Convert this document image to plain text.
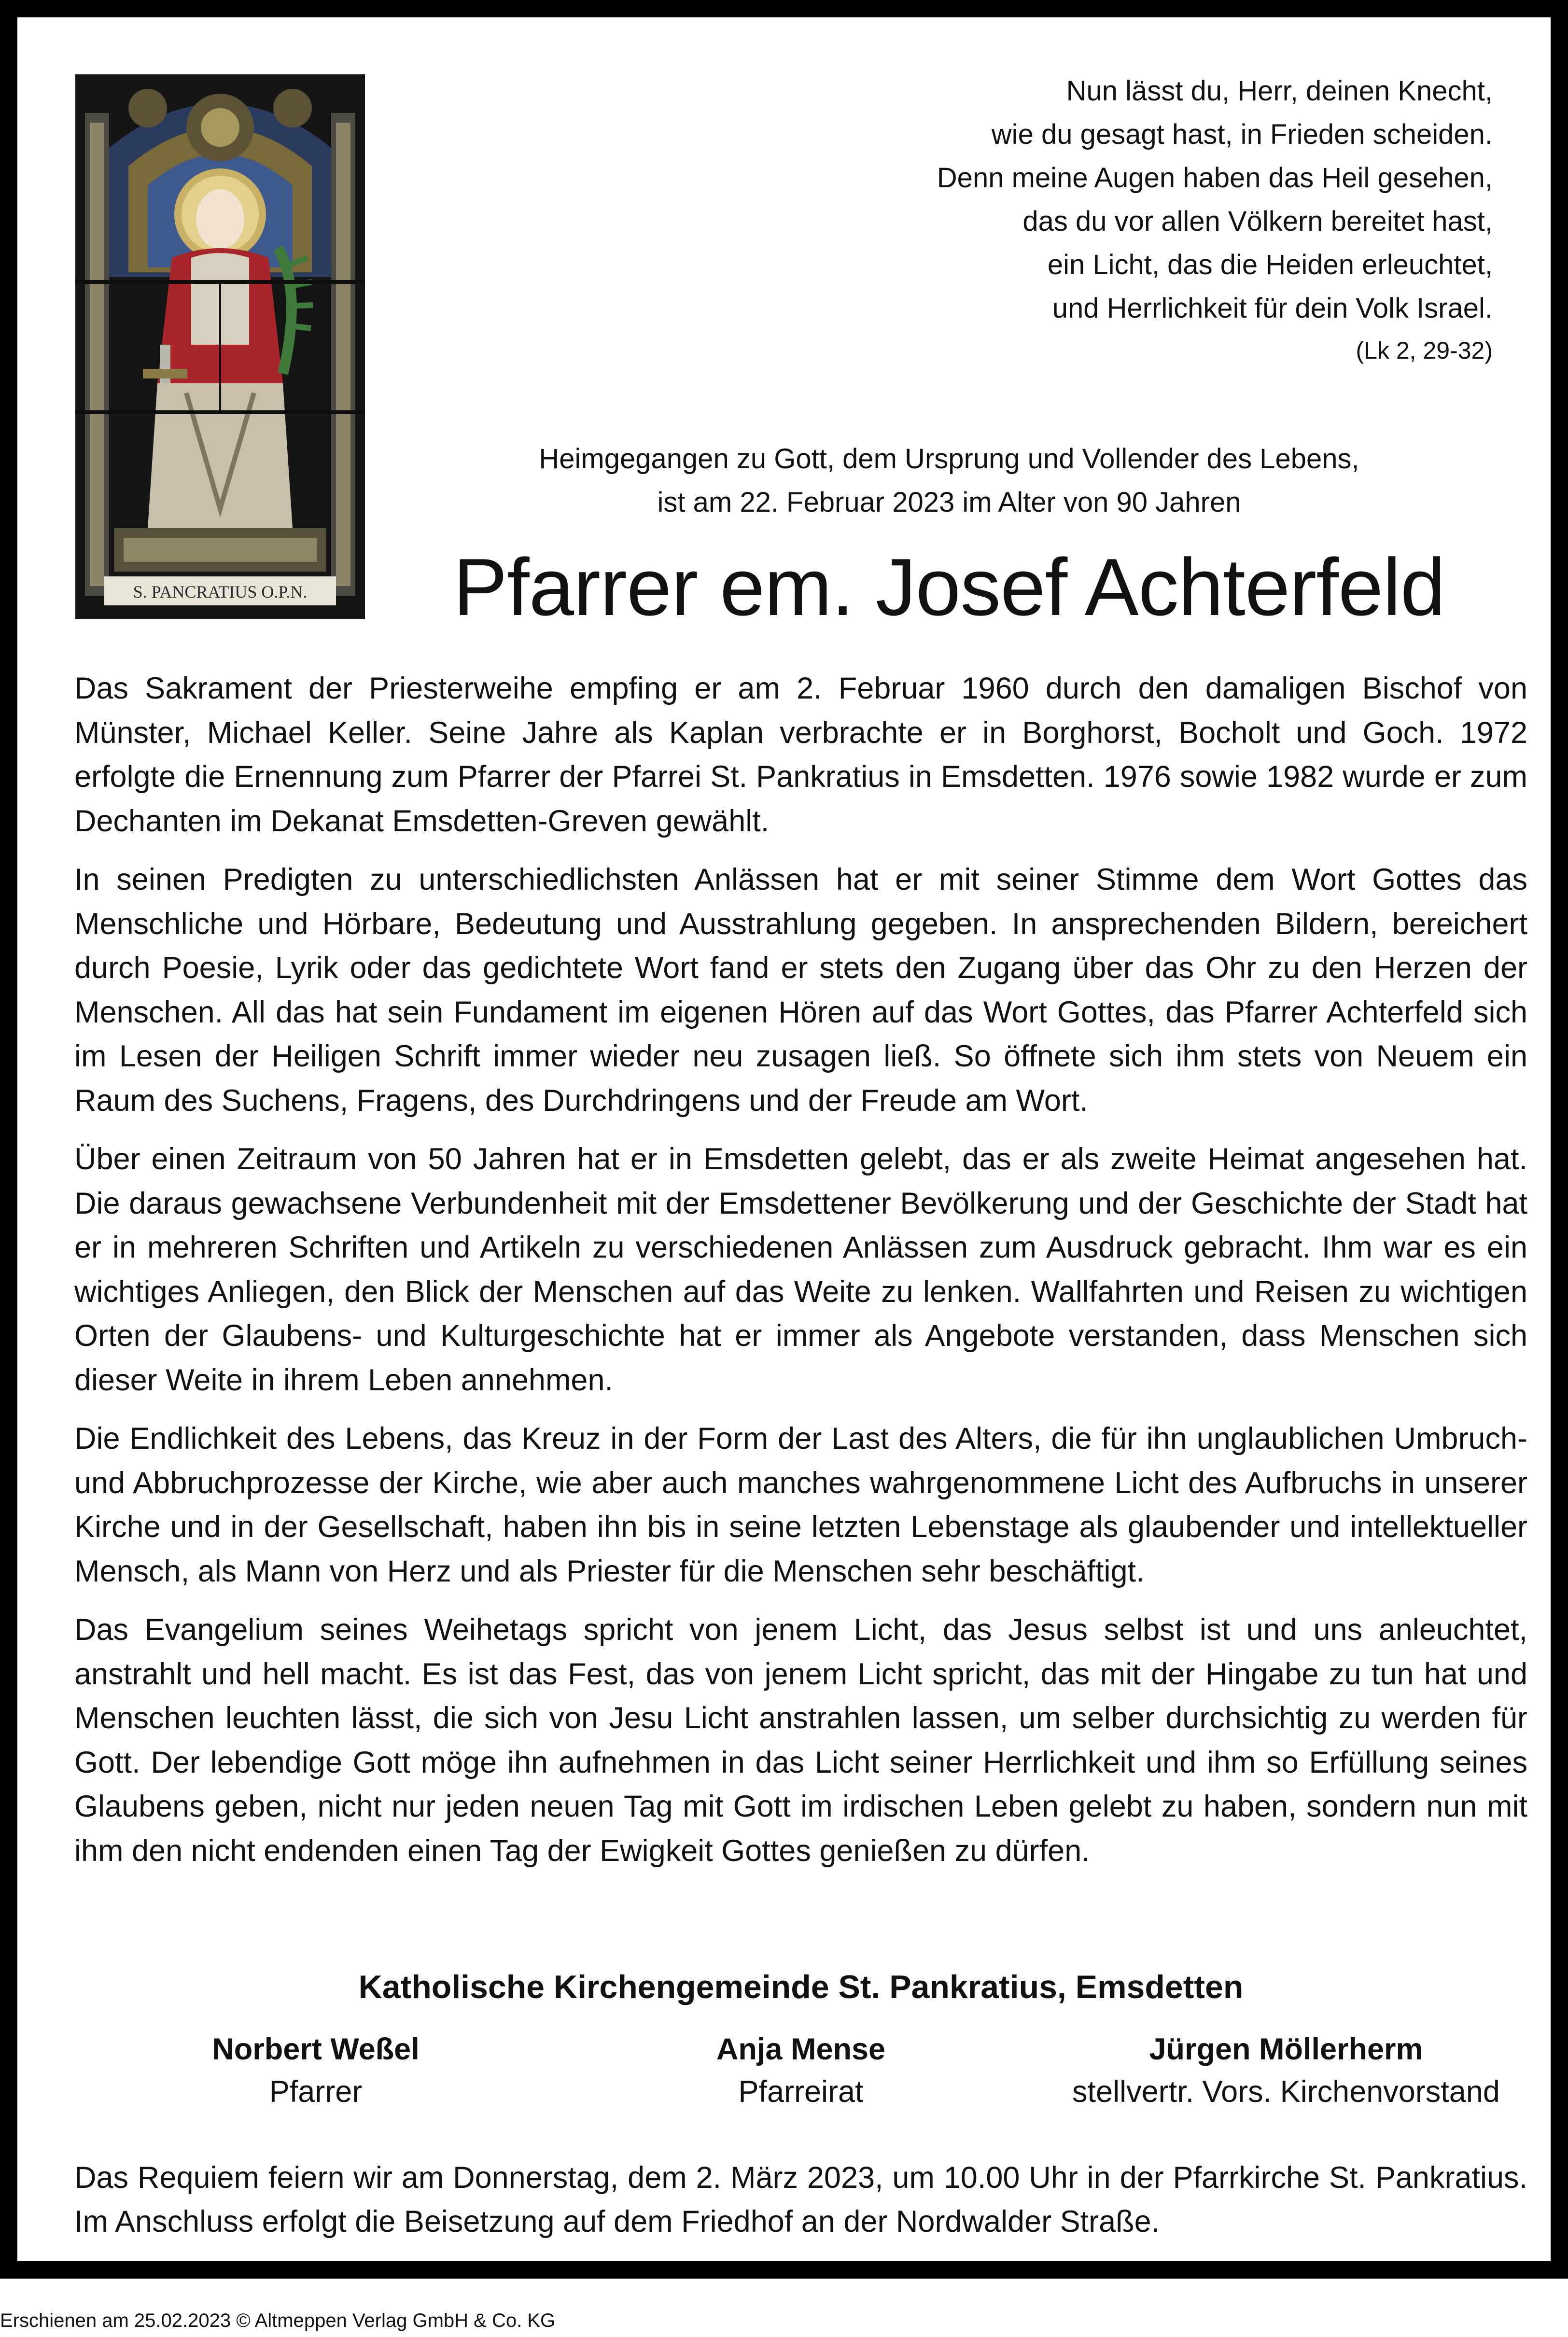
S. PANCRATIUS O.P.N.
Nun lässt du, Herr, deinen Knecht,
wie du gesagt hast, in Frieden scheiden.
Denn meine Augen haben das Heil gesehen,
das du vor allen Völkern bereitet hast,
ein Licht, das die Heiden erleuchtet,
und Herrlichkeit für dein Volk Israel.
(Lk 2, 29-32)
Heimgegangen zu Gott, dem Ursprung und Vollender des Lebens,
ist am 22. Februar 2023 im Alter von 90 Jahren
Pfarrer em. Josef Achterfeld

Das Sakrament der Priesterweihe empfing er am 2. Februar 1960 durch den damaligen Bischof von Münster, Michael Keller. Seine Jahre als Kaplan verbrachte er in Borghorst, Bocholt und Goch. 1972 erfolgte die Ernennung zum Pfarrer der Pfarrei St. Pankratius in Emsdetten. 1976 sowie 1982 wurde er zum Dechanten im Dekanat Emsdetten-Greven gewählt.

In seinen Predigten zu unterschiedlichsten Anlässen hat er mit seiner Stimme dem Wort Gottes das Menschliche und Hörbare, Bedeutung und Ausstrahlung gegeben. In ansprechenden Bildern, bereichert durch Poesie, Lyrik oder das gedichtete Wort fand er stets den Zugang über das Ohr zu den Herzen der Menschen. All das hat sein Fundament im eigenen Hören auf das Wort Gottes, das Pfarrer Achterfeld sich im Lesen der Heiligen Schrift immer wieder neu zusagen ließ. So öffnete sich ihm stets von Neuem ein Raum des Suchens, Fragens, des Durchdringens und der Freude am Wort.

Über einen Zeitraum von 50 Jahren hat er in Emsdetten gelebt, das er als zweite Heimat angesehen hat. Die daraus gewachsene Verbundenheit mit der Emsdettener Bevölkerung und der Geschichte der Stadt hat er in mehreren Schriften und Artikeln zu verschiedenen Anlässen zum Ausdruck gebracht. Ihm war es ein wichtiges Anliegen, den Blick der Menschen auf das Weite zu lenken. Wallfahrten und Reisen zu wichtigen Orten der Glaubens- und Kulturgeschichte hat er immer als Angebote verstanden, dass Menschen sich dieser Weite in ihrem Leben annehmen.

Die Endlichkeit des Lebens, das Kreuz in der Form der Last des Alters, die für ihn unglaublichen Umbruch- und Abbruchprozesse der Kirche, wie aber auch manches wahrgenommene Licht des Aufbruchs in unserer Kirche und in der Gesellschaft, haben ihn bis in seine letzten Lebenstage als glaubender und intellektueller Mensch, als Mann von Herz und als Priester für die Menschen sehr beschäftigt.

Das Evangelium seines Weihetags spricht von jenem Licht, das Jesus selbst ist und uns anleuchtet, anstrahlt und hell macht. Es ist das Fest, das von jenem Licht spricht, das mit der Hingabe zu tun hat und Menschen leuchten lässt, die sich von Jesu Licht anstrahlen lassen, um selber durchsichtig zu werden für Gott. Der lebendige Gott möge ihn aufnehmen in das Licht seiner Herrlichkeit und ihm so Erfüllung seines Glaubens geben, nicht nur jeden neuen Tag mit Gott im irdischen Leben gelebt zu haben, sondern nun mit ihm den nicht endenden einen Tag der Ewigkeit Gottes genießen zu dürfen.

Katholische Kirchengemeinde St. Pankratius, Emsdetten
Norbert Weßel
Pfarrer
Anja Mense
Pfarreirat
Jürgen Möllerherm
stellvertr. Vors. Kirchenvorstand

Das Requiem feiern wir am Donnerstag, dem 2. März 2023, um 10.00 Uhr in der Pfarrkirche St. Pankratius. Im Anschluss erfolgt die Beisetzung auf dem Friedhof an der Nordwalder Straße.

Erschienen am 25.02.2023 © Altmeppen Verlag GmbH & Co. KG
